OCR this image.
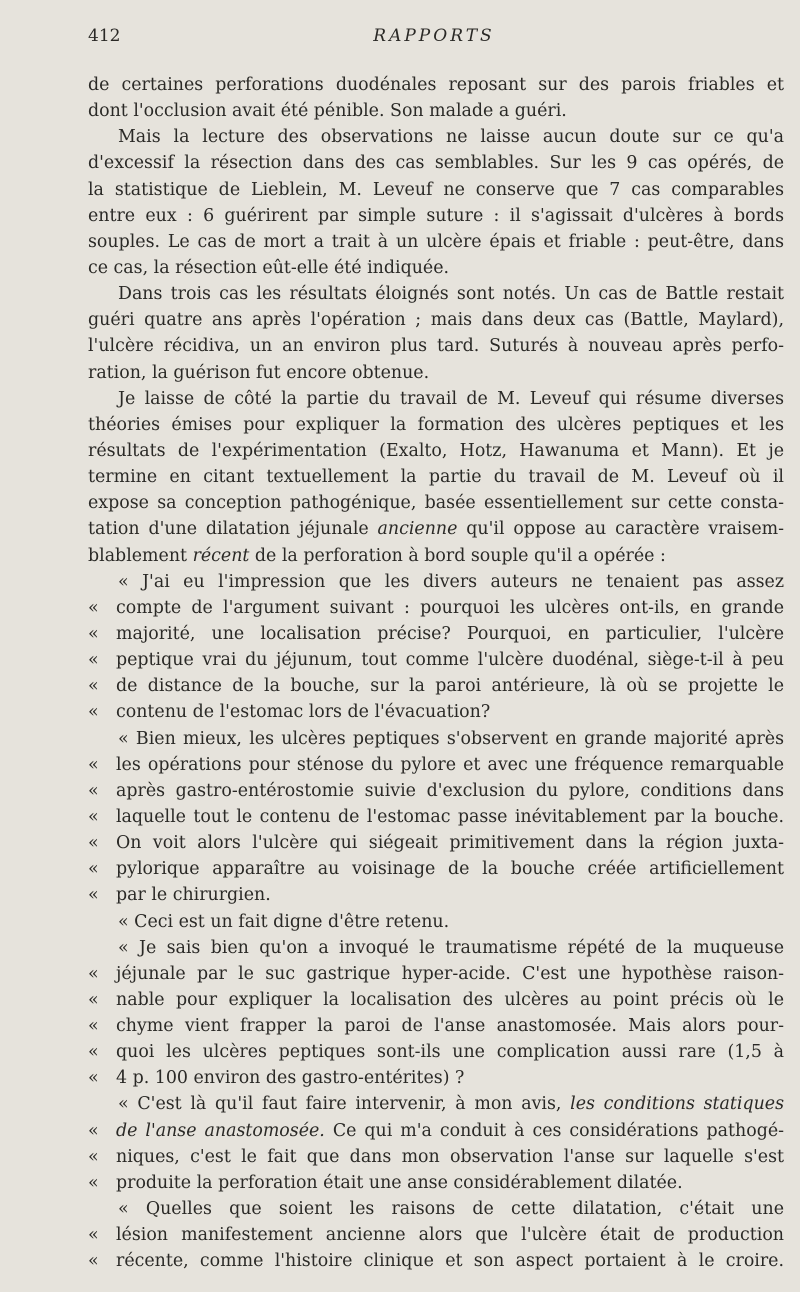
412	RAPPORTS
de certaines perforations duodénales reposant sur des parois friables et
dont l'occlusion avait été pénible. Son malade a guéri.
Mais la lecture des observations ne laisse aucun doute sur ce qu'a
d'excessif la résection dans des cas semblables. Sur les 9 cas opérés, de
la statistique de Lieblein, M. Leveuf ne conserve que 7 cas comparables
entre eux : 6 guérirent par simple suture : il s'agissait d'ulcères à bords
souples. Le cas de mort a trait à un ulcère épais et friable : peut-être, dans
ce cas, la résection eût-elle été indiquée.
Dans trois cas les résultats éloignés sont notés. Un cas de Battle restait
guéri quatre ans après l'opération ; mais dans deux cas (Battle, Maylard),
l'ulcère récidiva, un an environ plus tard. Suturés à nouveau après perfo-
ration, la guérison fut encore obtenue.
Je laisse de côté la partie du travail de M. Leveuf qui résume diverses
théories émises pour expliquer la formation des ulcères peptiques et les
résultats de l'expérimentation (Exalto, Hotz, Hawanuma et Mann). Et je
termine en citant textuellement la partie du travail de M. Leveuf où il
expose sa conception pathogénique, basée essentiellement sur cette consta-
tation d'une dilatation jéjunale ancienne qu'il oppose au caractère vraisem-
blablement récent de la perforation à bord souple qu'il a opérée :
« J'ai eu l'impression que les divers auteurs ne tenaient pas assez
« compte de l'argument suivant : pourquoi les ulcères ont-ils, en grande
« majorité, une localisation précise? Pourquoi, en particulier, l'ulcère
« peptique vrai du jéjunum, tout comme l'ulcère duodénal, siège-t-il à peu
« de distance de la bouche, sur la paroi antérieure, là où se projette le
« contenu de l'estomac lors de l'évacuation?
« Bien mieux, les ulcères peptiques s'observent en grande majorité après
« les opérations pour sténose du pylore et avec une fréquence remarquable
« après gastro-entérostomie suivie d'exclusion du pylore, conditions dans
« laquelle tout le contenu de l'estomac passe inévitablement par la bouche.
« On voit alors l'ulcère qui siégeait primitivement dans la région juxta-
« pylorique apparaître au voisinage de la bouche créée artificiellement
« par le chirurgien.
« Ceci est un fait digne d'être retenu.
« Je sais bien qu'on a invoqué le traumatisme répété de la muqueuse
« jéjunale par le suc gastrique hyper-acide. C'est une hypothèse raison-
« nable pour expliquer la localisation des ulcères au point précis où le
« chyme vient frapper la paroi de l'anse anastomosée. Mais alors pour-
« quoi les ulcères peptiques sont-ils une complication aussi rare (1,5 à
« 4 p. 100 environ des gastro-entérites) ?
« C'est là qu'il faut faire intervenir, à mon avis, les conditions statiques
« de l'anse anastomosée. Ce qui m'a conduit à ces considérations pathogé-
« niques, c'est le fait que dans mon observation l'anse sur laquelle s'est
« produite la perforation était une anse considérablement dilatée.
« Quelles que soient les raisons de cette dilatation, c'était une
« lésion manifestement ancienne alors que l'ulcère était de production
« récente, comme l'histoire clinique et son aspect portaient à le croire.
